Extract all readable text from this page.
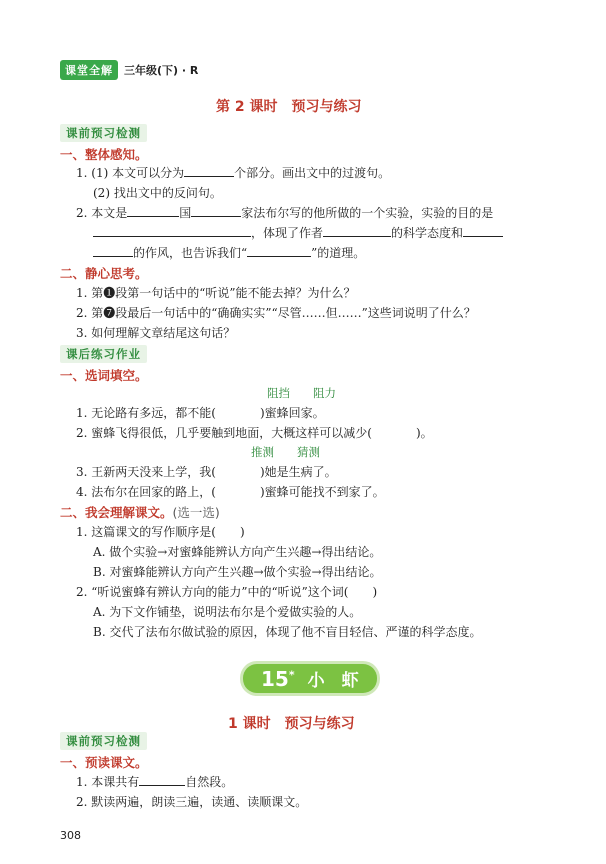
课堂全解	三年级(下) · R
第 2 课时　预习与练习
课前预习检测
一、整体感知。
1. (1) 本文可以分为	个部分。画出文中的过渡句。
(2) 找出文中的反问句。
2. 本文是	国	家法布尔写的他所做的一个实验，实验的目的是
，体现了作者	的科学态度和
的作风，也告诉我们“	”的道理。
二、静心思考。
1. 第❶段第一句话中的“听说”能不能去掉？为什么？
2. 第❼段最后一句话中的“确确实实”“尽管……但……”这些词说明了什么？
3. 如何理解文章结尾这句话？
课后练习作业
一、选词填空。
阻挡　　阻力
1. 无论路有多远，都不能(	)蜜蜂回家。
2. 蜜蜂飞得很低，几乎要触到地面，大概这样可以减少(	)。
推测　　猜测
3. 王新两天没来上学，我(	)她是生病了。
4. 法布尔在回家的路上，(	)蜜蜂可能找不到家了。
二、我会理解课文。(选一选)
1. 这篇课文的写作顺序是(　　)
A. 做个实验→对蜜蜂能辨认方向产生兴趣→得出结论。
B. 对蜜蜂能辨认方向产生兴趣→做个实验→得出结论。
2. “听说蜜蜂有辨认方向的能力”中的“听说”这个词(　　)
A. 为下文作铺垫，说明法布尔是个爱做实验的人。
B. 交代了法布尔做试验的原因，体现了他不盲目轻信、严谨的科学态度。
15* 小　虾
1 课时　预习与练习
课前预习检测
一、预读课文。
1. 本课共有	自然段。
2. 默读两遍，朗读三遍，读通、读顺课文。
308
